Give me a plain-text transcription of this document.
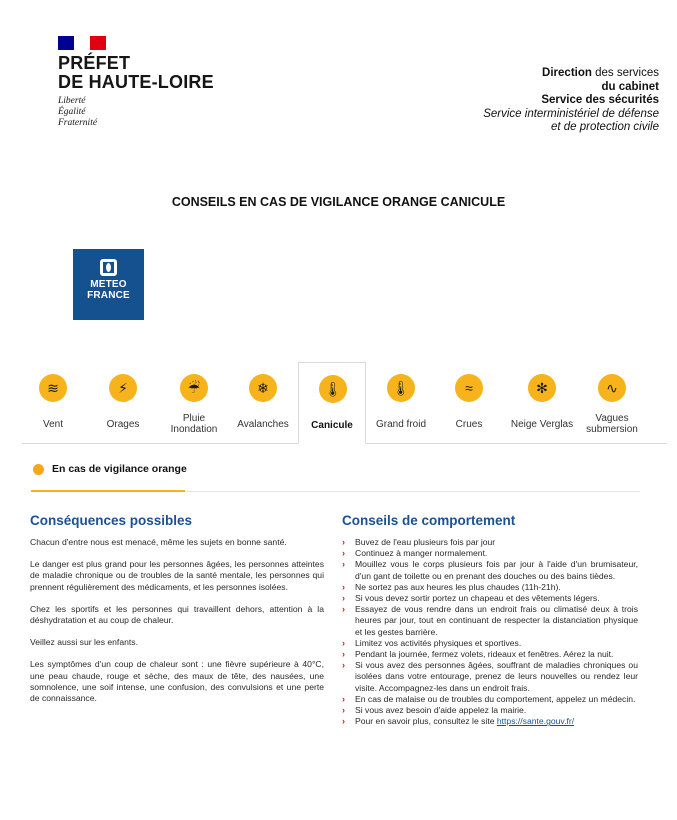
PRÉFET
DE HAUTE-LOIRE
Liberté
Égalité
Fraternité
Direction des services
du cabinet
Service des sécurités
Service interministériel de défense
et de protection civile
CONSEILS EN CAS DE VIGILANCE ORANGE CANICULE
METEO
FRANCE
≋
Vent
⚡
Orages
☔
Pluie
Inondation
❄
Avalanches
🌡
Canicule
🌡
Grand froid
≈
Crues
✻
Neige Verglas
∿
Vagues
submersion
En cas de vigilance orange
Conséquences possibles

Chacun d'entre nous est menacé, même les sujets en bonne santé.

Le danger est plus grand pour les personnes âgées, les personnes atteintes de maladie chronique ou de troubles de la santé mentale, les personnes qui prennent régulièrement des médicaments, et les personnes isolées.

Chez les sportifs et les personnes qui travaillent dehors, attention à la déshydratation et au coup de chaleur.

Veillez aussi sur les enfants.

Les symptômes d'un coup de chaleur sont : une fièvre supérieure à 40°C, une peau chaude, rouge et sèche, des maux de tête, des nausées, une somnolence, une soif intense, une confusion, des convulsions et une perte de connaissance.

Conseils de comportement
› Buvez de l'eau plusieurs fois par jour
› Continuez à manger normalement.
› Mouillez vous le corps plusieurs fois par jour à l'aide d'un brumisateur, d'un gant de toilette ou en prenant des douches ou des bains tièdes.
› Ne sortez pas aux heures les plus chaudes (11h-21h).
› Si vous devez sortir portez un chapeau et des vêtements légers.
› Essayez de vous rendre dans un endroit frais ou climatisé deux à trois heures par jour, tout en continuant de respecter la distanciation physique et les gestes barrière.
› Limitez vos activités physiques et sportives.
› Pendant la journée, fermez volets, rideaux et fenêtres. Aérez la nuit.
› Si vous avez des personnes âgées, souffrant de maladies chroniques ou isolées dans votre entourage, prenez de leurs nouvelles ou rendez leur visite. Accompagnez-les dans un endroit frais.
› En cas de malaise ou de troubles du comportement, appelez un médecin.
› Si vous avez besoin d'aide appelez la mairie.
› Pour en savoir plus, consultez le site https://sante.gouv.fr/
